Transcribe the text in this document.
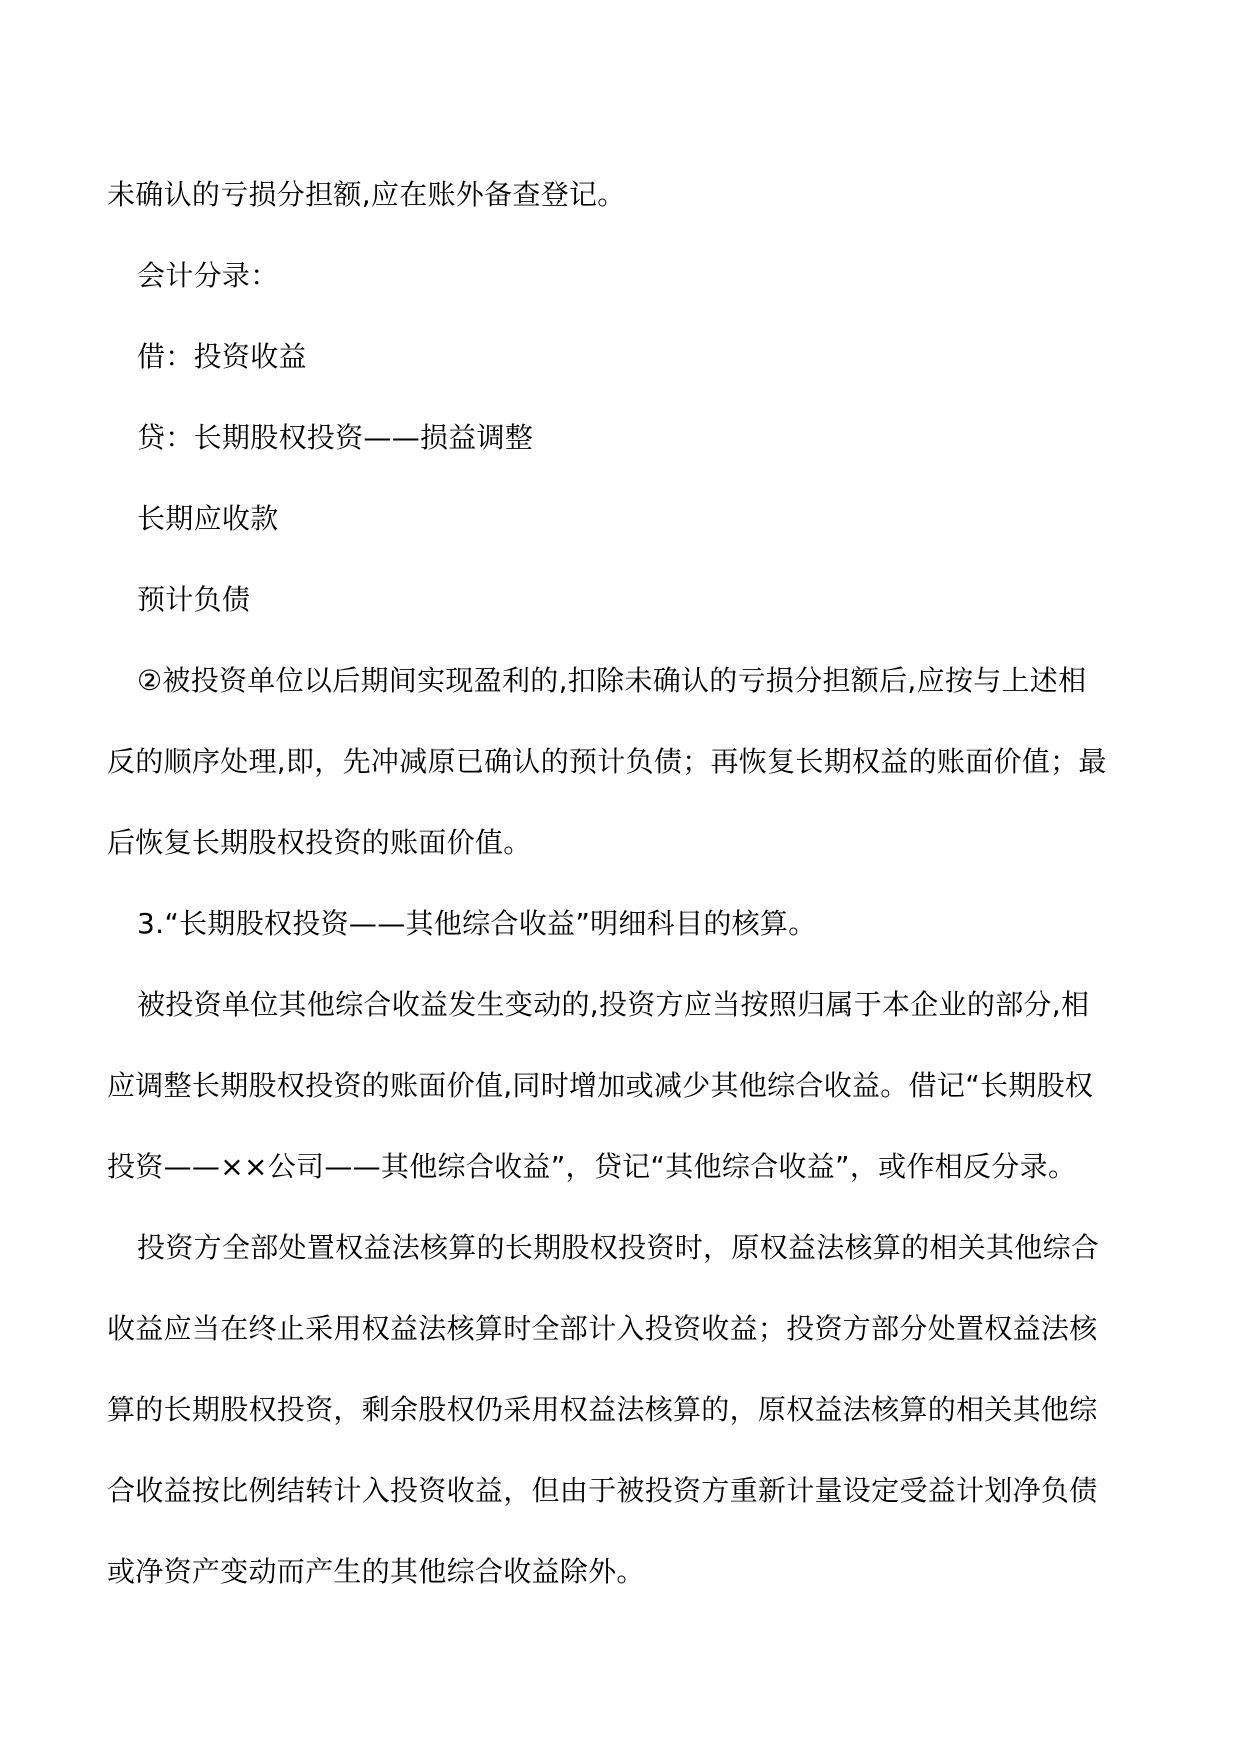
未确认的亏损分担额,应在账外备查登记。
会计分录：
借：投资收益
贷：长期股权投资——损益调整
长期应收款
预计负债
②被投资单位以后期间实现盈利的,扣除未确认的亏损分担额后,应按与上述相
反的顺序处理,即，先冲减原已确认的预计负债；再恢复长期权益的账面价值；最
后恢复长期股权投资的账面价值。
3.“长期股权投资——其他综合收益”明细科目的核算。
被投资单位其他综合收益发生变动的,投资方应当按照归属于本企业的部分,相
应调整长期股权投资的账面价值,同时增加或减少其他综合收益。借记“长期股权
投资——××公司——其他综合收益”，贷记“其他综合收益”，或作相反分录。
投资方全部处置权益法核算的长期股权投资时，原权益法核算的相关其他综合
收益应当在终止采用权益法核算时全部计入投资收益；投资方部分处置权益法核
算的长期股权投资，剩余股权仍采用权益法核算的，原权益法核算的相关其他综
合收益按比例结转计入投资收益，但由于被投资方重新计量设定受益计划净负债
或净资产变动而产生的其他综合收益除外。
